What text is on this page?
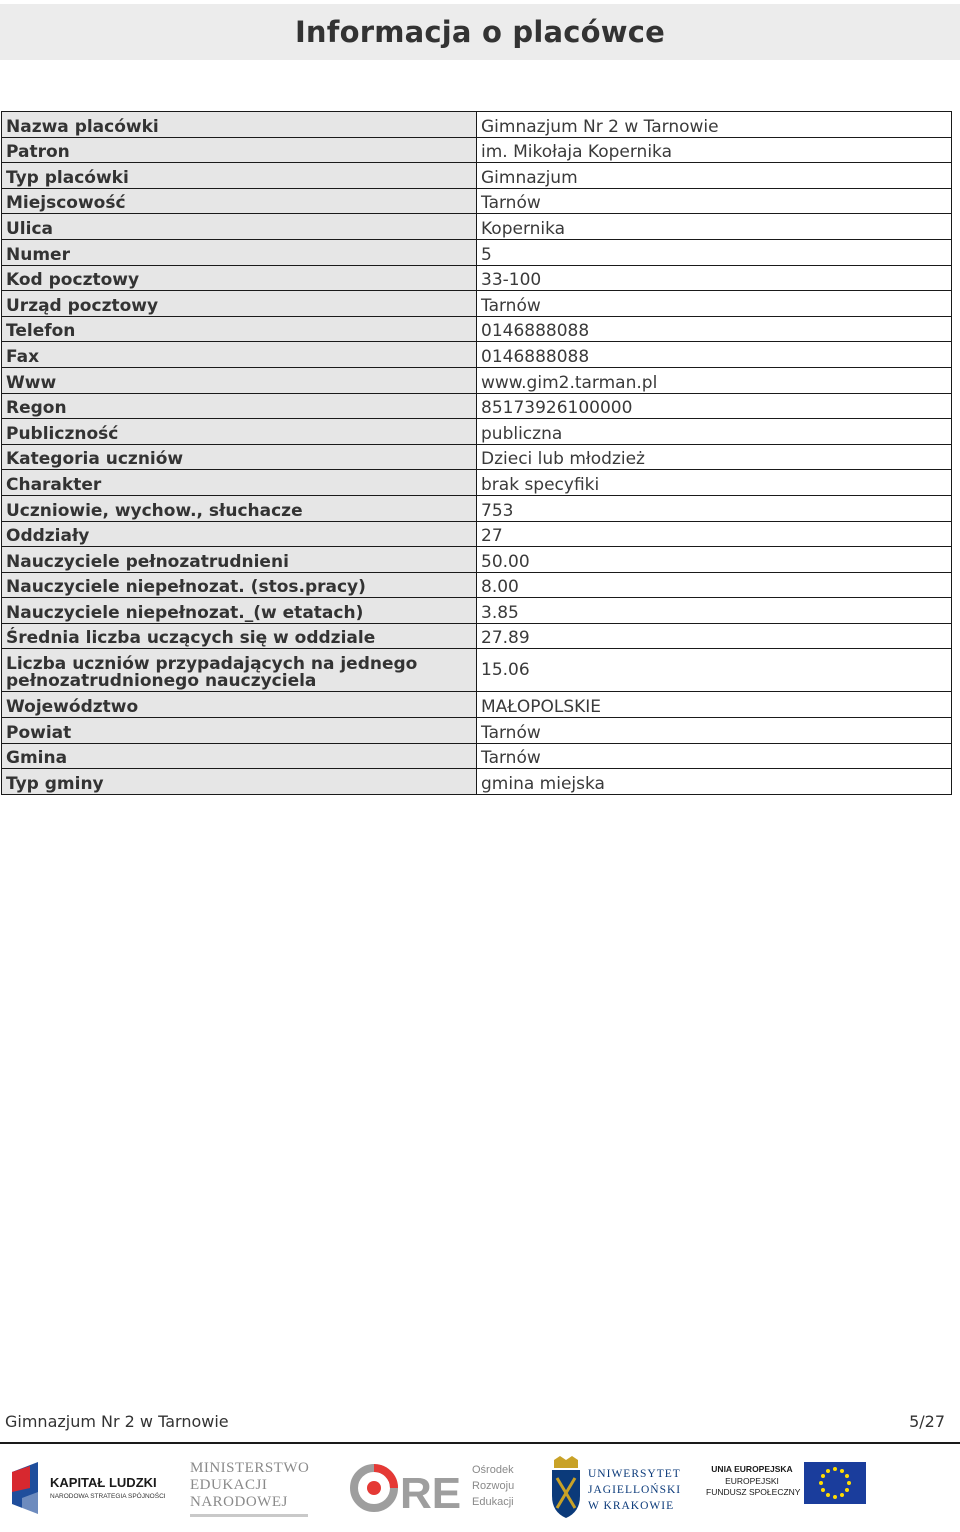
Informacja o placówce
Nazwa placówki	Gimnazjum Nr 2 w Tarnowie
Patron	im. Mikołaja Kopernika
Typ placówki	Gimnazjum
Miejscowość	Tarnów
Ulica	Kopernika
Numer	5
Kod pocztowy	33-100
Urząd pocztowy	Tarnów
Telefon	0146888088
Fax	0146888088
Www	www.gim2.tarman.pl
Regon	85173926100000
Publiczność	publiczna
Kategoria uczniów	Dzieci lub młodzież
Charakter	brak specyfiki
Uczniowie, wychow., słuchacze	753
Oddziały	27
Nauczyciele pełnozatrudnieni	50.00
Nauczyciele niepełnozat. (stos.pracy)	8.00
Nauczyciele niepełnozat._(w etatach)	3.85
Średnia liczba uczących się w oddziale	27.89
Liczba uczniów przypadających na jednego pełnozatrudnionego nauczyciela	15.06
Województwo	MAŁOPOLSKIE
Powiat	Tarnów
Gmina	Tarnów
Typ gminy	gmina miejska
Gimnazjum Nr 2 w Tarnowie	5/27
KAPITAŁ LUDZKI
NARODOWA STRATEGIA SPÓJNOŚCI
MINISTERSTWO
EDUKACJI
NARODOWEJ	RE Ośrodek
Rozwoju
Edukacji
UNIWERSYTET
JAGIELLOŃSKI
W KRAKOWIE
UNIA EUROPEJSKA
EUROPEJSKI
FUNDUSZ SPOŁECZNY
